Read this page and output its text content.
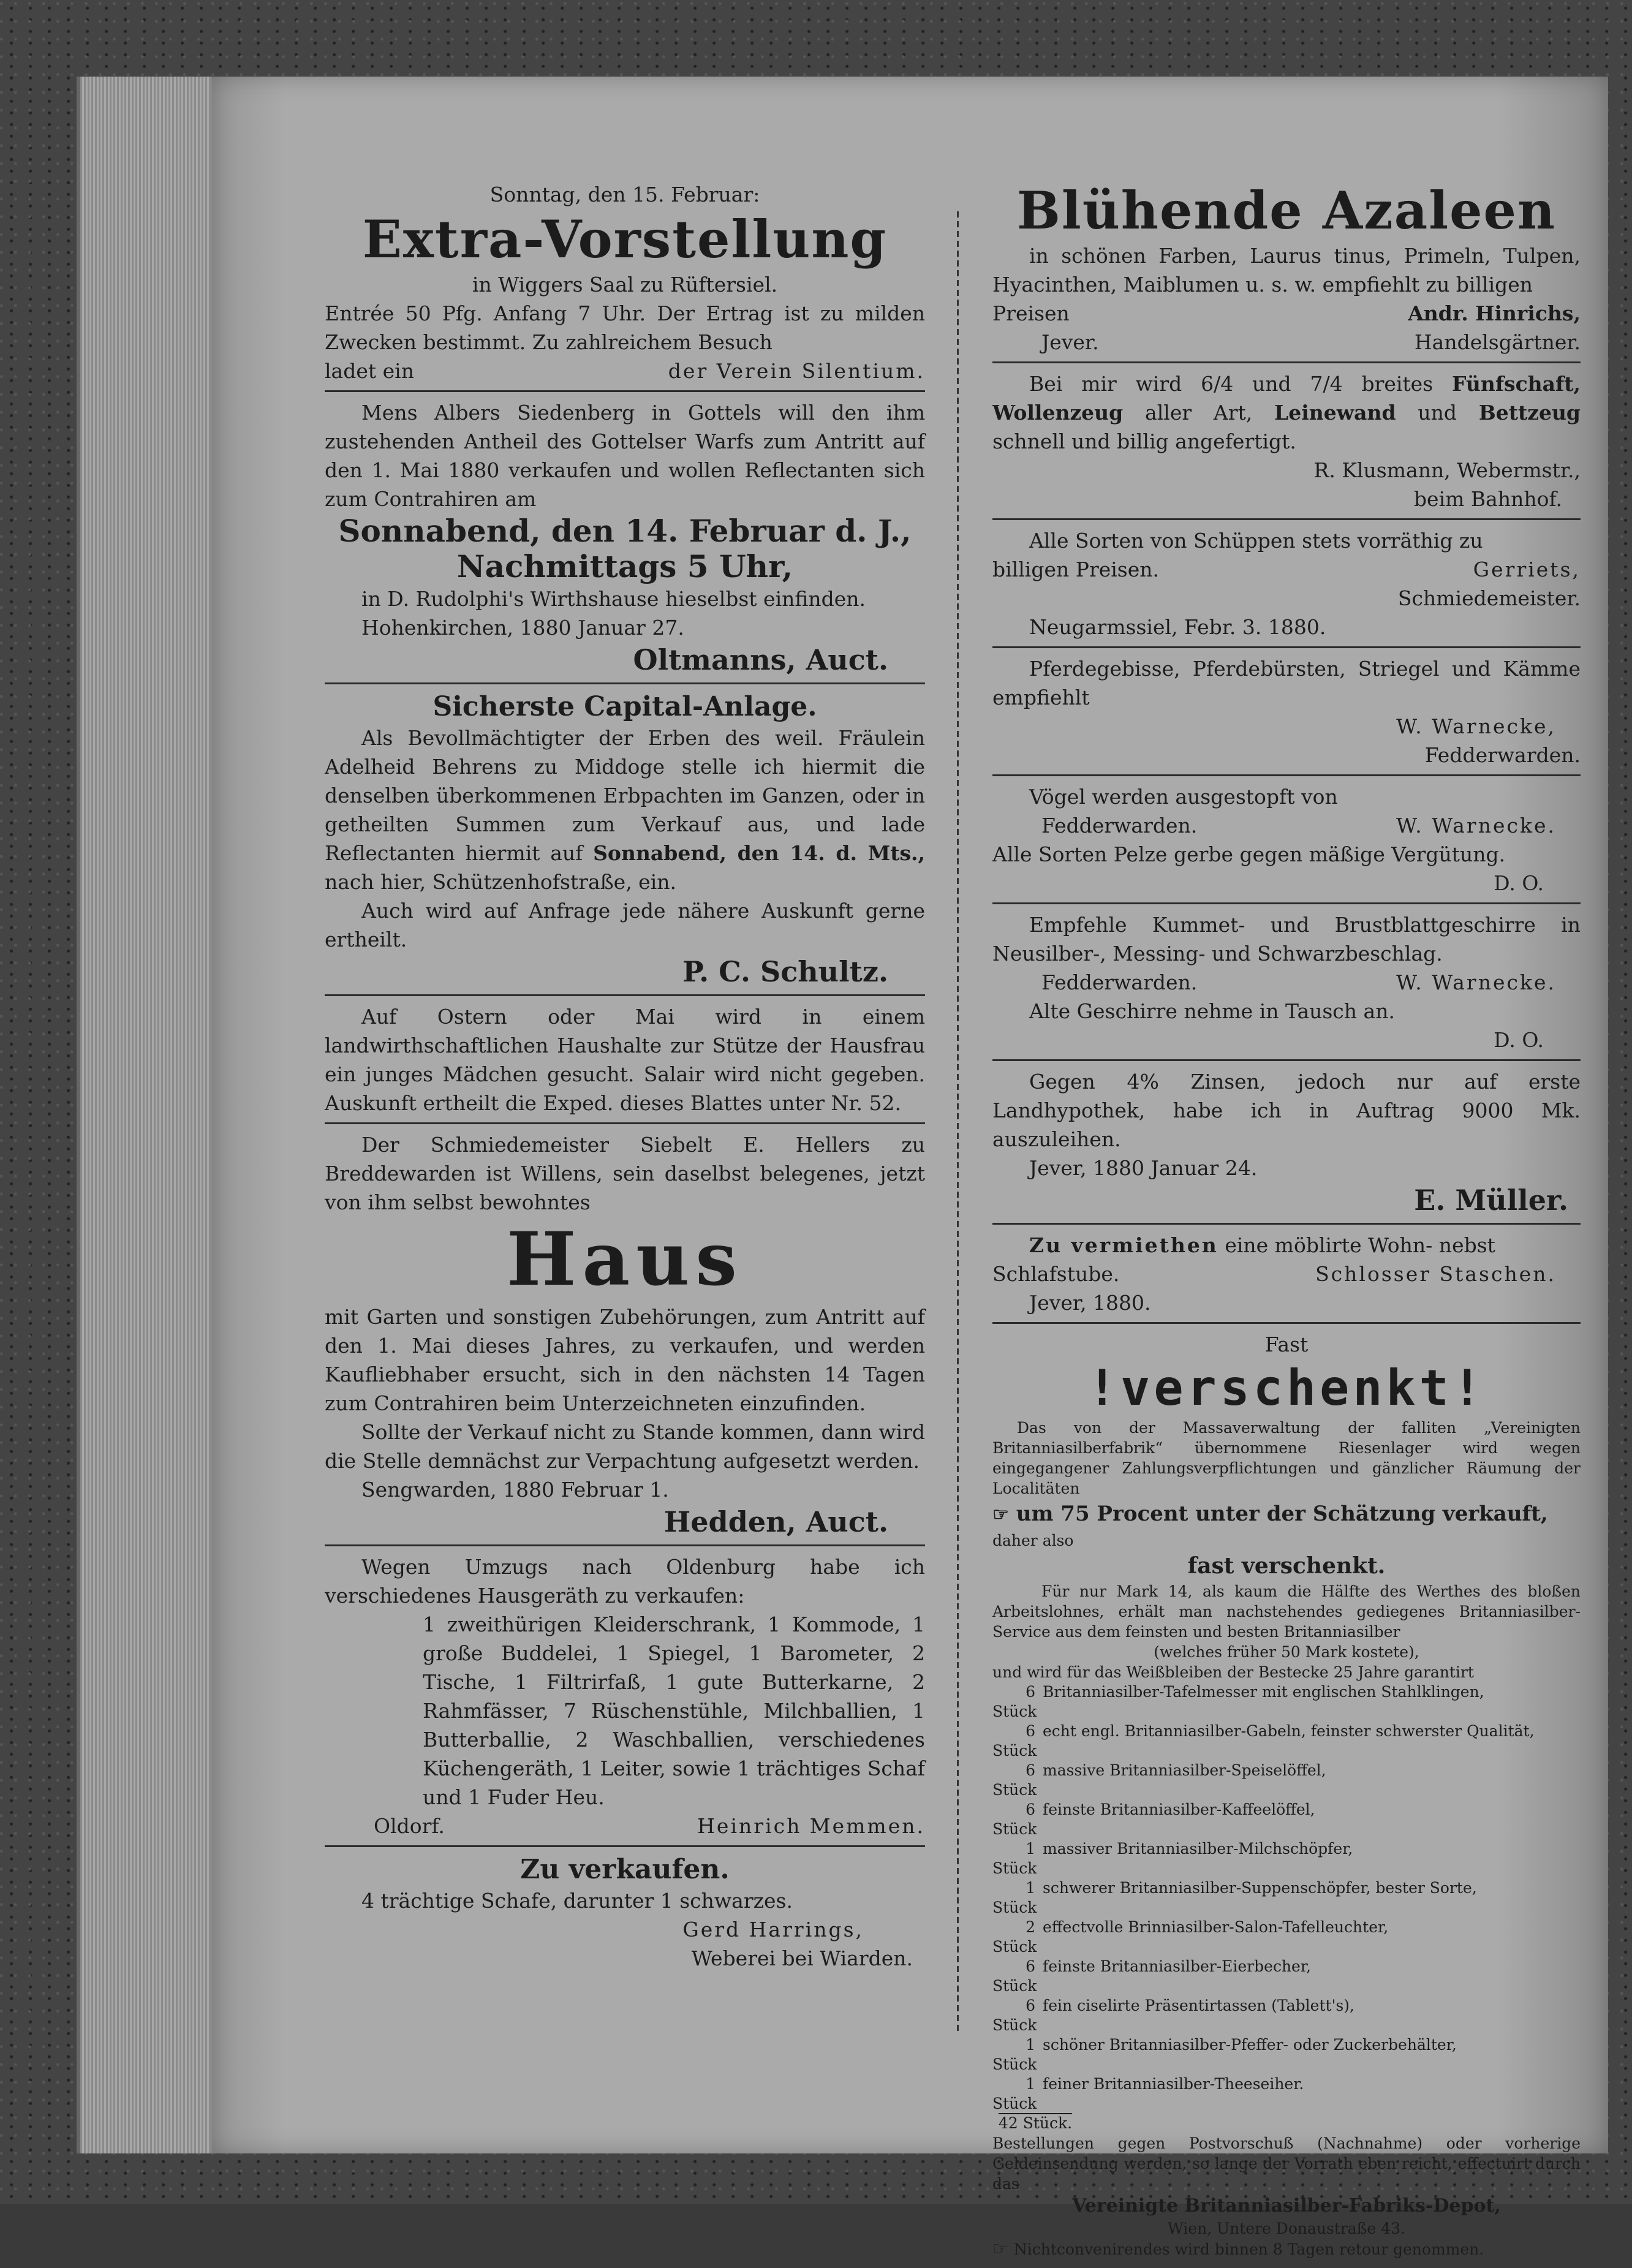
Sonntag, den 15. Februar:

Extra-Vorstellung

in Wiggers Saal zu Rüftersiel.

Entrée 50 Pfg. Anfang 7 Uhr. Der Ertrag ist zu milden Zwecken bestimmt. Zu zahlreichem Besuch

ladet ein	der Verein Silentium.

Mens Albers Siedenberg in Gottels will den ihm zustehenden Antheil des Gottelser Warfs zum Antritt auf den 1. Mai 1880 verkaufen und wollen Reflectanten sich zum Contrahiren am

Sonnabend, den 14. Februar d. J.,

Nachmittags 5 Uhr,

in D. Rudolphi's Wirthshause hieselbst einfinden.

Hohenkirchen, 1880 Januar 27.

Oltmanns, Auct.

Sicherste Capital-Anlage.

Als Bevollmächtigter der Erben des weil. Fräulein Adelheid Behrens zu Middoge stelle ich hiermit die denselben überkommenen Erbpachten im Ganzen, oder in getheilten Summen zum Verkauf aus, und lade Reflectanten hiermit auf Sonnabend, den 14. d. Mts., nach hier, Schützenhofstraße, ein.

Auch wird auf Anfrage jede nähere Auskunft gerne ertheilt.

P. C. Schultz.

Auf Ostern oder Mai wird in einem landwirthschaftlichen Haushalte zur Stütze der Hausfrau ein junges Mädchen gesucht. Salair wird nicht gegeben. Auskunft ertheilt die Exped. dieses Blattes unter Nr. 52.

Der Schmiedemeister Siebelt E. Hellers zu Breddewarden ist Willens, sein daselbst belegenes, jetzt von ihm selbst bewohntes

Haus

mit Garten und sonstigen Zubehörungen, zum Antritt auf den 1. Mai dieses Jahres, zu verkaufen, und werden Kaufliebhaber ersucht, sich in den nächsten 14 Tagen zum Contrahiren beim Unterzeichneten einzufinden.

Sollte der Verkauf nicht zu Stande kommen, dann wird die Stelle demnächst zur Verpachtung aufgesetzt werden.

Sengwarden, 1880 Februar 1.

Hedden, Auct.

Wegen Umzugs nach Oldenburg habe ich verschiedenes Hausgeräth zu verkaufen:

1 zweithürigen Kleiderschrank, 1 Kommode, 1 große Buddelei, 1 Spiegel, 1 Barometer, 2 Tische, 1 Filtrirfaß, 1 gute Butterkarne, 2 Rahmfässer, 7 Rüschenstühle, Milchballien, 1 Butterballie, 2 Waschballien, verschiedenes Küchengeräth, 1 Leiter, sowie 1 trächtiges Schaf und 1 Fuder Heu.

Oldorf.	Heinrich Memmen.

Zu verkaufen.

4 trächtige Schafe, darunter 1 schwarzes.

Gerd Harrings,

Weberei bei Wiarden.

Blühende Azaleen

in schönen Farben, Laurus tinus, Primeln, Tulpen, Hyacinthen, Maiblumen u. s. w. empfiehlt zu billigen

Preisen	Andr. Hinrichs,
Jever.	Handelsgärtner.

Bei mir wird 6/4 und 7/4 breites Fünfschaft, Wollenzeug aller Art, Leinewand und Bettzeug schnell und billig angefertigt.

R. Klusmann, Webermstr.,

beim Bahnhof.

Alle Sorten von Schüppen stets vorräthig zu

billigen Preisen.	Gerriets,

Schmiedemeister.

Neugarmssiel, Febr. 3. 1880.

Pferdegebisse, Pferdebürsten, Striegel und Kämme empfiehlt

W. Warnecke,

Fedderwarden.

Vögel werden ausgestopft von

Fedderwarden.	W. Warnecke.

Alle Sorten Pelze gerbe gegen mäßige Vergütung.

D. O.

Empfehle Kummet- und Brustblattgeschirre in Neusilber-, Messing- und Schwarzbeschlag.

Fedderwarden.	W. Warnecke.

Alte Geschirre nehme in Tausch an.

D. O.

Gegen 4% Zinsen, jedoch nur auf erste Landhypothek, habe ich in Auftrag 9000 Mk. auszuleihen.

Jever, 1880 Januar 24.

E. Müller.

Zu vermiethen eine möblirte Wohn- nebst

Schlafstube.	Schlosser Staschen.

Jever, 1880.

Fast

!verschenkt!

Das von der Massaverwaltung der falliten „Vereinigten Britanniasilberfabrik“ übernommene Riesenlager wird wegen eingegangener Zahlungsverpflichtungen und gänzlicher Räumung der Localitäten

☞ um 75 Procent unter der Schätzung verkauft,

daher also

fast verschenkt.

Für nur Mark 14, als kaum die Hälfte des Werthes des bloßen Arbeitslohnes, erhält man nachstehendes gediegenes Britanniasilber-Service aus dem feinsten und besten Britanniasilber

(welches früher 50 Mark kostete),

und wird für das Weißbleiben der Bestecke 25 Jahre garantirt

6 Stück
Britanniasilber-Tafelmesser mit englischen Stahlklingen,
6 Stück
echt engl. Britanniasilber-Gabeln, feinster schwerster Qualität,
6 Stück
massive Britanniasilber-Speiselöffel,
6 Stück
feinste Britanniasilber-Kaffeelöffel,
1 Stück
massiver Britanniasilber-Milchschöpfer,
1 Stück
schwerer Britanniasilber-Suppenschöpfer, bester Sorte,
2 Stück
effectvolle Brinniasilber-Salon-Tafelleuchter,
6 Stück
feinste Britanniasilber-Eierbecher,
6 Stück
fein ciselirte Präsentirtassen (Tablett's),
1 Stück
schöner Britanniasilber-Pfeffer- oder Zuckerbehälter,
1 Stück
feiner Britanniasilber-Theeseiher.

42 Stück.

Bestellungen gegen Postvorschuß (Nachnahme) oder vorherige Geldeinsendung werden, so lange der Vorrath eben reicht, effectuirt durch das

Vereinigte Britanniasilber-Fabriks-Depot,

Wien, Untere Donaustraße 43.

☞ Nichtconvenirendes wird binnen 8 Tagen retour genommen.
